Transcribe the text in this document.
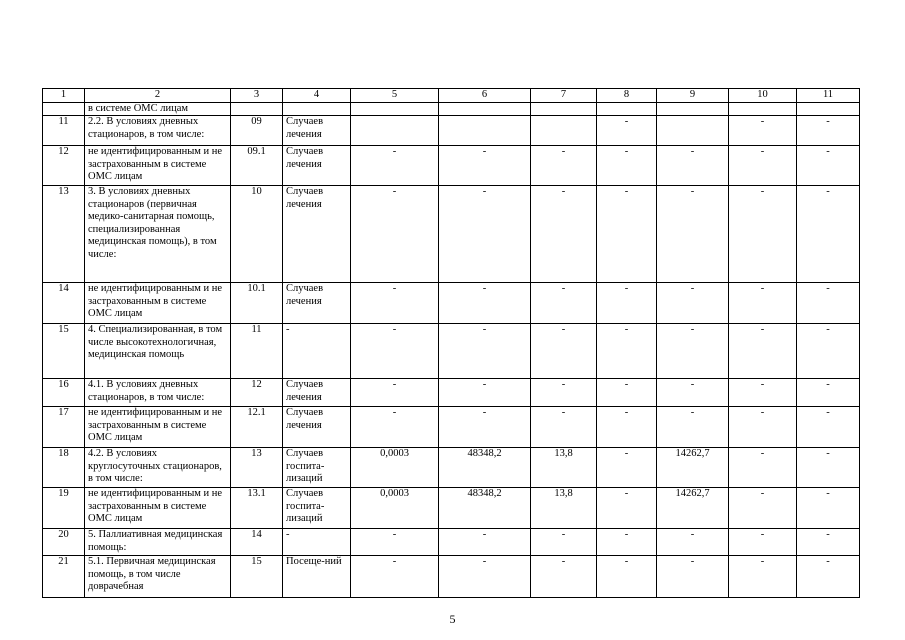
1	2	3	4	5	6	7	8	9	10	11
	в системе ОМС лицам									
11	2.2. В условиях дневных стационаров, в том числе:	09	Случаев лечения				-		-	-
12	не идентифицированным и не застрахованным в системе ОМС лицам	09.1	Случаев лечения	-	-	-	-	-	-	-
13	3. В условиях дневных стационаров (первичная медико-санитарная помощь, специализированная медицинская помощь), в том числе:	10	Случаев лечения	-	-	-	-	-	-	-
14	не идентифицированным и не застрахованным в системе ОМС лицам	10.1	Случаев лечения	-	-	-	-	-	-	-
15	4. Специализированная, в том числе высокотехнологичная, медицинская помощь	11	-	-	-	-	-	-	-	-
16	4.1. В условиях дневных стационаров, в том числе:	12	Случаев лечения	-	-	-	-	-	-	-
17	не идентифицированным и не застрахованным в системе ОМС лицам	12.1	Случаев лечения	-	-	-	-	-	-	-
18	4.2. В условиях круглосуточных стационаров, в том числе:	13	Случаев госпита-лизаций	0,0003	48348,2	13,8	-	14262,7	-	-
19	не идентифицированным и не застрахованным в системе ОМС лицам	13.1	Случаев госпита-лизаций	0,0003	48348,2	13,8	-	14262,7	-	-
20	5. Паллиативная медицинская помощь:	14	-	-	-	-	-	-	-	-
21	5.1. Первичная медицинская помощь, в том числе доврачебная	15	Посеще-ний	-	-	-	-	-	-	-
5
